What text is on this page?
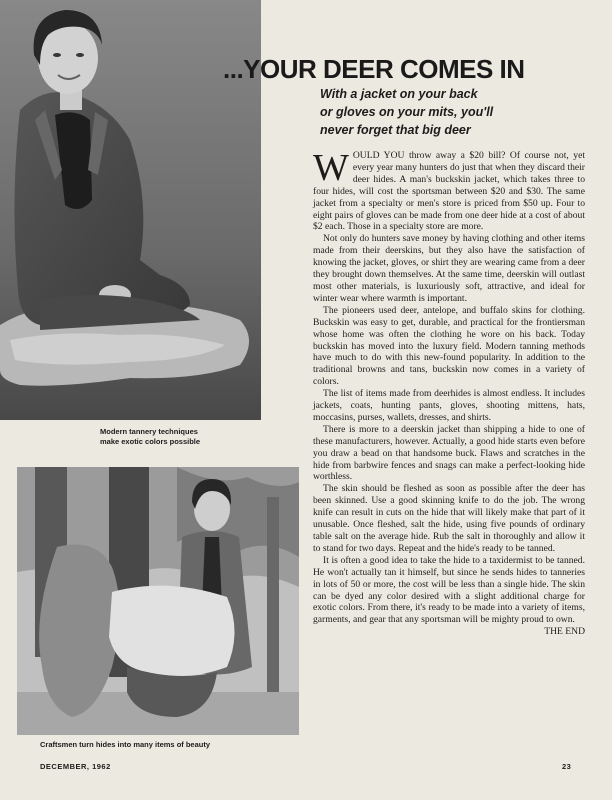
Modern tannery techniques
make exotic colors possible
Craftsmen turn hides into many items of beauty
...YOUR DEER COMES IN
With a jacket on your back
or gloves on your mits, you'll
never forget that big deer

WOULD YOU throw away a $20 bill? Of course not, yet every year many hunters do just that when they discard their deer hides. A man's buckskin jacket, which takes three to four hides, will cost the sportsman between $20 and $30. The same jacket from a specialty or men's store is priced from $50 up. Four to eight pairs of gloves can be made from one deer hide at a cost of about $2 each. Those in a specialty store are more.

Not only do hunters save money by having clothing and other items made from their deerskins, but they also have the satisfaction of knowing the jacket, gloves, or shirt they are wearing came from a deer they brought down themselves. At the same time, deerskin will outlast most other materials, is luxuriously soft, attractive, and ideal for winter wear where warmth is important.

The pioneers used deer, antelope, and buffalo skins for clothing. Buckskin was easy to get, durable, and practical for the frontiersman whose home was often the clothing he wore on his back. Today buckskin has moved into the luxury field. Modern tanning methods have much to do with this new-found popularity. In addition to the traditional browns and tans, buckskin now comes in a variety of colors.

The list of items made from deerhides is almost endless. It includes jackets, coats, hunting pants, gloves, shooting mittens, hats, moccasins, purses, wallets, dresses, and shirts.

There is more to a deerskin jacket than shipping a hide to one of these manufacturers, however. Actually, a good hide starts even before you draw a bead on that handsome buck. Flaws and scratches in the hide from barbwire fences and snags can make a perfect-looking hide worthless.

The skin should be fleshed as soon as possible after the deer has been skinned. Use a good skinning knife to do the job. The wrong knife can result in cuts on the hide that will likely make that part of it unusable. Once fleshed, salt the hide, using five pounds of ordinary table salt on the average hide. Rub the salt in thoroughly and allow it to stand for two days. Repeat and the hide's ready to be tanned.

It is often a good idea to take the hide to a taxidermist to be tanned. He won't actually tan it himself, but since he sends hides to tanneries in lots of 50 or more, the cost will be less than a single hide. The skin can be dyed any color desired with a slight additional charge for exotic colors. From there, it's ready to be made into a variety of items, garments, and gear that any sportsman will be mighty proud to own.
THE END

DECEMBER, 1962	23
